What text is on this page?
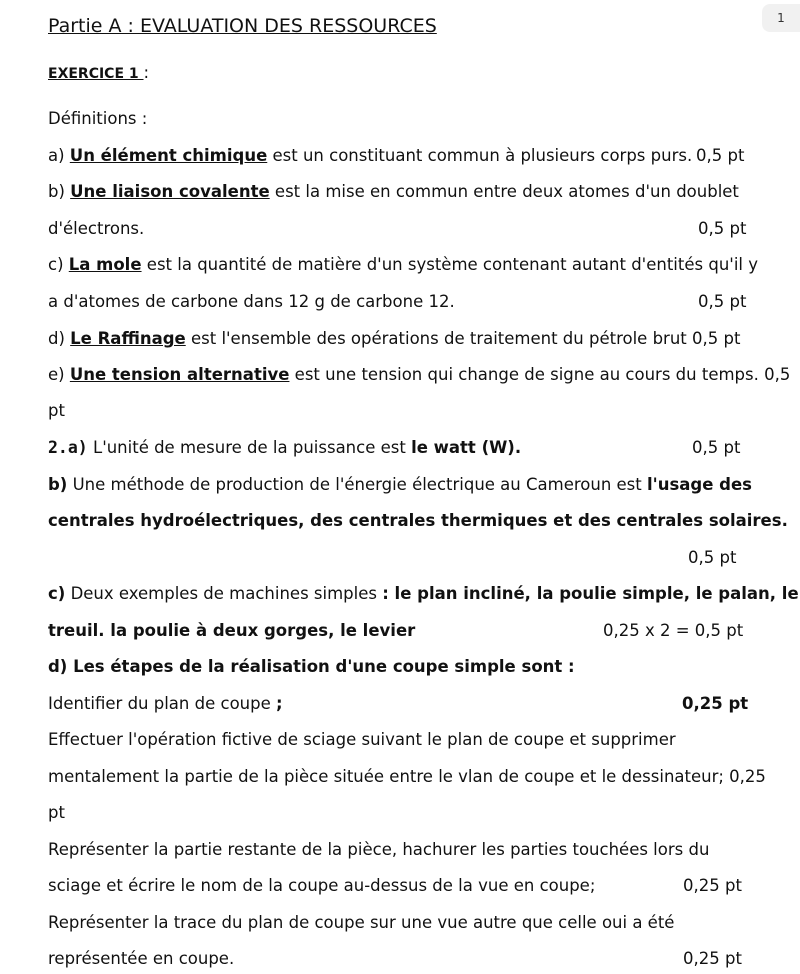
1
Partie A : EVALUATION DES RESSOURCES
EXERCICE 1 :
Définitions :
a) Un élément chimique est un constituant commun à plusieurs corps purs. 0,5 pt
b) Une liaison covalente est la mise en commun entre deux atomes d'un doublet
d'électrons.	0,5 pt
c) La mole est la quantité de matière d'un système contenant autant d'entités qu'il y
a d'atomes de carbone dans 12 g de carbone 12.	0,5 pt
d) Le Raffinage est l'ensemble des opérations de traitement du pétrole brut 0,5 pt
e) Une tension alternative est une tension qui change de signe au cours du temps. 0,5
pt
2.a) L'unité de mesure de la puissance est le watt (W).	0,5 pt
b) Une méthode de production de l'énergie électrique au Cameroun est l'usage des
centrales hydroélectriques, des centrales thermiques et des centrales solaires.
0,5 pt
c) Deux exemples de machines simples : le plan incliné, la poulie simple, le palan, le
treuil. la poulie à deux gorges, le levier	0,25 x 2 = 0,5 pt
d) Les étapes de la réalisation d'une coupe simple sont :
Identifier du plan de coupe ;	0,25 pt
Effectuer l'opération fictive de sciage suivant le plan de coupe et supprimer
mentalement la partie de la pièce située entre le vlan de coupe et le dessinateur; 0,25
pt
Représenter la partie restante de la pièce, hachurer les parties touchées lors du
sciage et écrire le nom de la coupe au-dessus de la vue en coupe;	0,25 pt
Représenter la trace du plan de coupe sur une vue autre que celle oui a été
représentée en coupe.	0,25 pt
